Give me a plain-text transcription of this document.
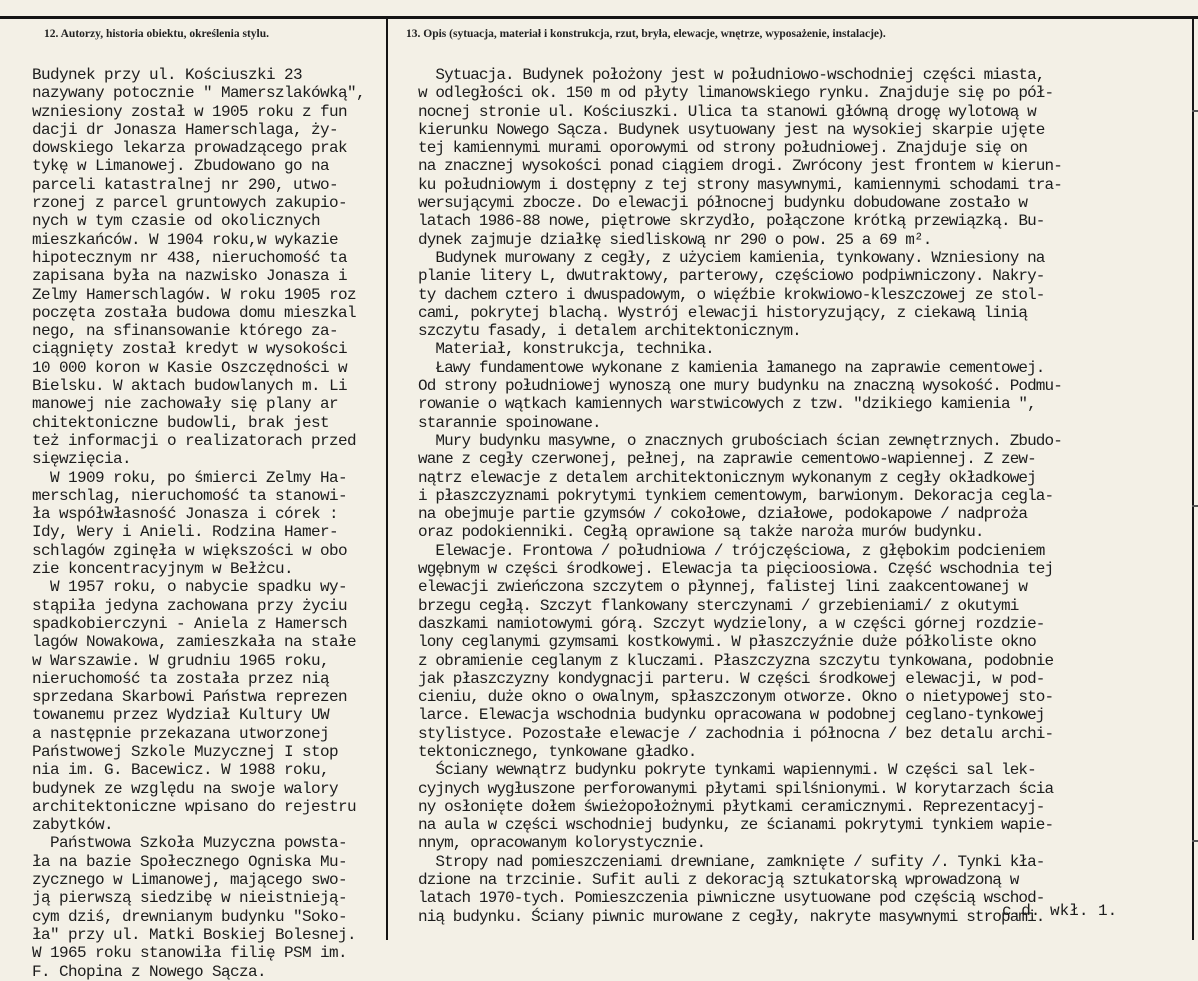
12. Autorzy, historia obiektu, określenia stylu.	13. Opis (sytuacja, materiał i konstrukcja, rzut, bryła, elewacje, wnętrze, wyposażenie, instalacje).
Budynek przy ul. Kościuszki 23
nazywany potocznie " Mamerszlakówką",
wzniesiony został w 1905 roku z fun
dacji dr Jonasza Hamerschlaga, ży-
dowskiego lekarza prowadzącego prak
tykę w Limanowej. Zbudowano go na
parceli katastralnej nr 290, utwo-
rzonej z parcel gruntowych zakupio-
nych w tym czasie od okolicznych
mieszkańców. W 1904 roku,w wykazie
hipotecznym nr 438, nieruchomość ta
zapisana była na nazwisko Jonasza i
Zelmy Hamerschlagów. W roku 1905 roz
poczęta została budowa domu mieszkal
nego, na sfinansowanie którego za-
ciągnięty został kredyt w wysokości
10 000 koron w Kasie Oszczędności w
Bielsku. W aktach budowlanych m. Li
manowej nie zachowały się plany ar
chitektoniczne budowli, brak jest
też informacji o realizatorach przed
sięwzięcia.
W 1909 roku, po śmierci Zelmy Ha-
merschlag, nieruchomość ta stanowi-
ła współwłasność Jonasza i córek :
Idy, Wery i Anieli. Rodzina Hamer-
schlagów zginęła w większości w obo
zie koncentracyjnym w Bełżcu.
W 1957 roku, o nabycie spadku wy-
stąpiła jedyna zachowana przy życiu
spadkobierczyni - Aniela z Hamersch
lagów Nowakowa, zamieszkała na stałe
w Warszawie. W grudniu 1965 roku,
nieruchomość ta została przez nią
sprzedana Skarbowi Państwa reprezen
towanemu przez Wydział Kultury UW
a następnie przekazana utworzonej
Państwowej Szkole Muzycznej I stop
nia im. G. Bacewicz. W 1988 roku,
budynek ze względu na swoje walory
architektoniczne wpisano do rejestru
zabytków.
Państwowa Szkoła Muzyczna powsta-
ła na bazie Społecznego Ogniska Mu-
zycznego w Limanowej, mającego swo-
ją pierwszą siedzibę w nieistnieją-
cym dziś, drewnianym budynku "Soko-
ła" przy ul. Matki Boskiej Bolesnej.
W 1965 roku stanowiła filię PSM im.
F. Chopina z Nowego Sącza.
Sytuacja. Budynek położony jest w południowo-wschodniej części miasta,
w odległości ok. 150 m od płyty limanowskiego rynku. Znajduje się po pół-
nocnej stronie ul. Kościuszki. Ulica ta stanowi główną drogę wylotową w
kierunku Nowego Sącza. Budynek usytuowany jest na wysokiej skarpie ujęte
tej kamiennymi murami oporowymi od strony południowej. Znajduje się on
na znacznej wysokości ponad ciągiem drogi. Zwrócony jest frontem w kierun-
ku południowym i dostępny z tej strony masywnymi, kamiennymi schodami tra-
wersującymi zbocze. Do elewacji północnej budynku dobudowane zostało w
latach 1986-88 nowe, piętrowe skrzydło, połączone krótką przewiązką. Bu-
dynek zajmuje działkę siedliskową nr 290 o pow. 25 a 69 m².
Budynek murowany z cegły, z użyciem kamienia, tynkowany. Wzniesiony na
planie litery L, dwutraktowy, parterowy, częściowo podpiwniczony. Nakry-
ty dachem cztero i dwuspadowym, o więźbie krokwiowo-kleszczowej ze stol-
cami, pokrytej blachą. Wystrój elewacji historyzujący, z ciekawą linią
szczytu fasady, i detalem architektonicznym.
Materiał, konstrukcja, technika.
Ławy fundamentowe wykonane z kamienia łamanego na zaprawie cementowej.
Od strony południowej wynoszą one mury budynku na znaczną wysokość. Podmu-
rowanie o wątkach kamiennych warstwicowych z tzw. "dzikiego kamienia ",
starannie spoinowane.
Mury budynku masywne, o znacznych grubościach ścian zewnętrznych. Zbudo-
wane z cegły czerwonej, pełnej, na zaprawie cementowo-wapiennej. Z zew-
nątrz elewacje z detalem architektonicznym wykonanym z cegły okładkowej
i płaszczyznami pokrytymi tynkiem cementowym, barwionym. Dekoracja cegla-
na obejmuje partie gzymsów / cokołowe, działowe, podokapowe / nadproża
oraz podokienniki. Cegłą oprawione są także naroża murów budynku.
Elewacje. Frontowa / południowa / trójczęściowa, z głębokim podcieniem
wgębnym w części środkowej. Elewacja ta pięcioosiowa. Część wschodnia tej
elewacji zwieńczona szczytem o płynnej, falistej lini zaakcentowanej w
brzegu cegłą. Szczyt flankowany sterczynami / grzebieniami/ z okutymi
daszkami namiotowymi górą. Szczyt wydzielony, a w części górnej rozdzie-
lony ceglanymi gzymsami kostkowymi. W płaszczyźnie duże półkoliste okno
z obramienie ceglanym z kluczami. Płaszczyzna szczytu tynkowana, podobnie
jak płaszczyzny kondygnacji parteru. W części środkowej elewacji, w pod-
cieniu, duże okno o owalnym, spłaszczonym otworze. Okno o nietypowej sto-
larce. Elewacja wschodnia budynku opracowana w podobnej ceglano-tynkowej
stylistyce. Pozostałe elewacje / zachodnia i północna / bez detalu archi-
tektonicznego, tynkowane gładko.
Ściany wewnątrz budynku pokryte tynkami wapiennymi. W części sal lek-
cyjnych wygłuszone perforowanymi płytami spilśnionymi. W korytarzach ścia
ny osłonięte dołem świeżopołożnymi płytkami ceramicznymi. Reprezentacyj-
na aula w części wschodniej budynku, ze ścianami pokrytymi tynkiem wapie-
nnym, opracowanym kolorystycznie.
Stropy nad pomieszczeniami drewniane, zamknięte / sufity /. Tynki kła-
dzione na trzcinie. Sufit auli z dekoracją sztukatorską wprowadzoną w
latach 1970-tych. Pomieszczenia piwniczne usytuowane pod częścią wschod-
nią budynku. Ściany piwnic murowane z cegły, nakryte masywnymi stropami.
c.d. wkł. 1.
